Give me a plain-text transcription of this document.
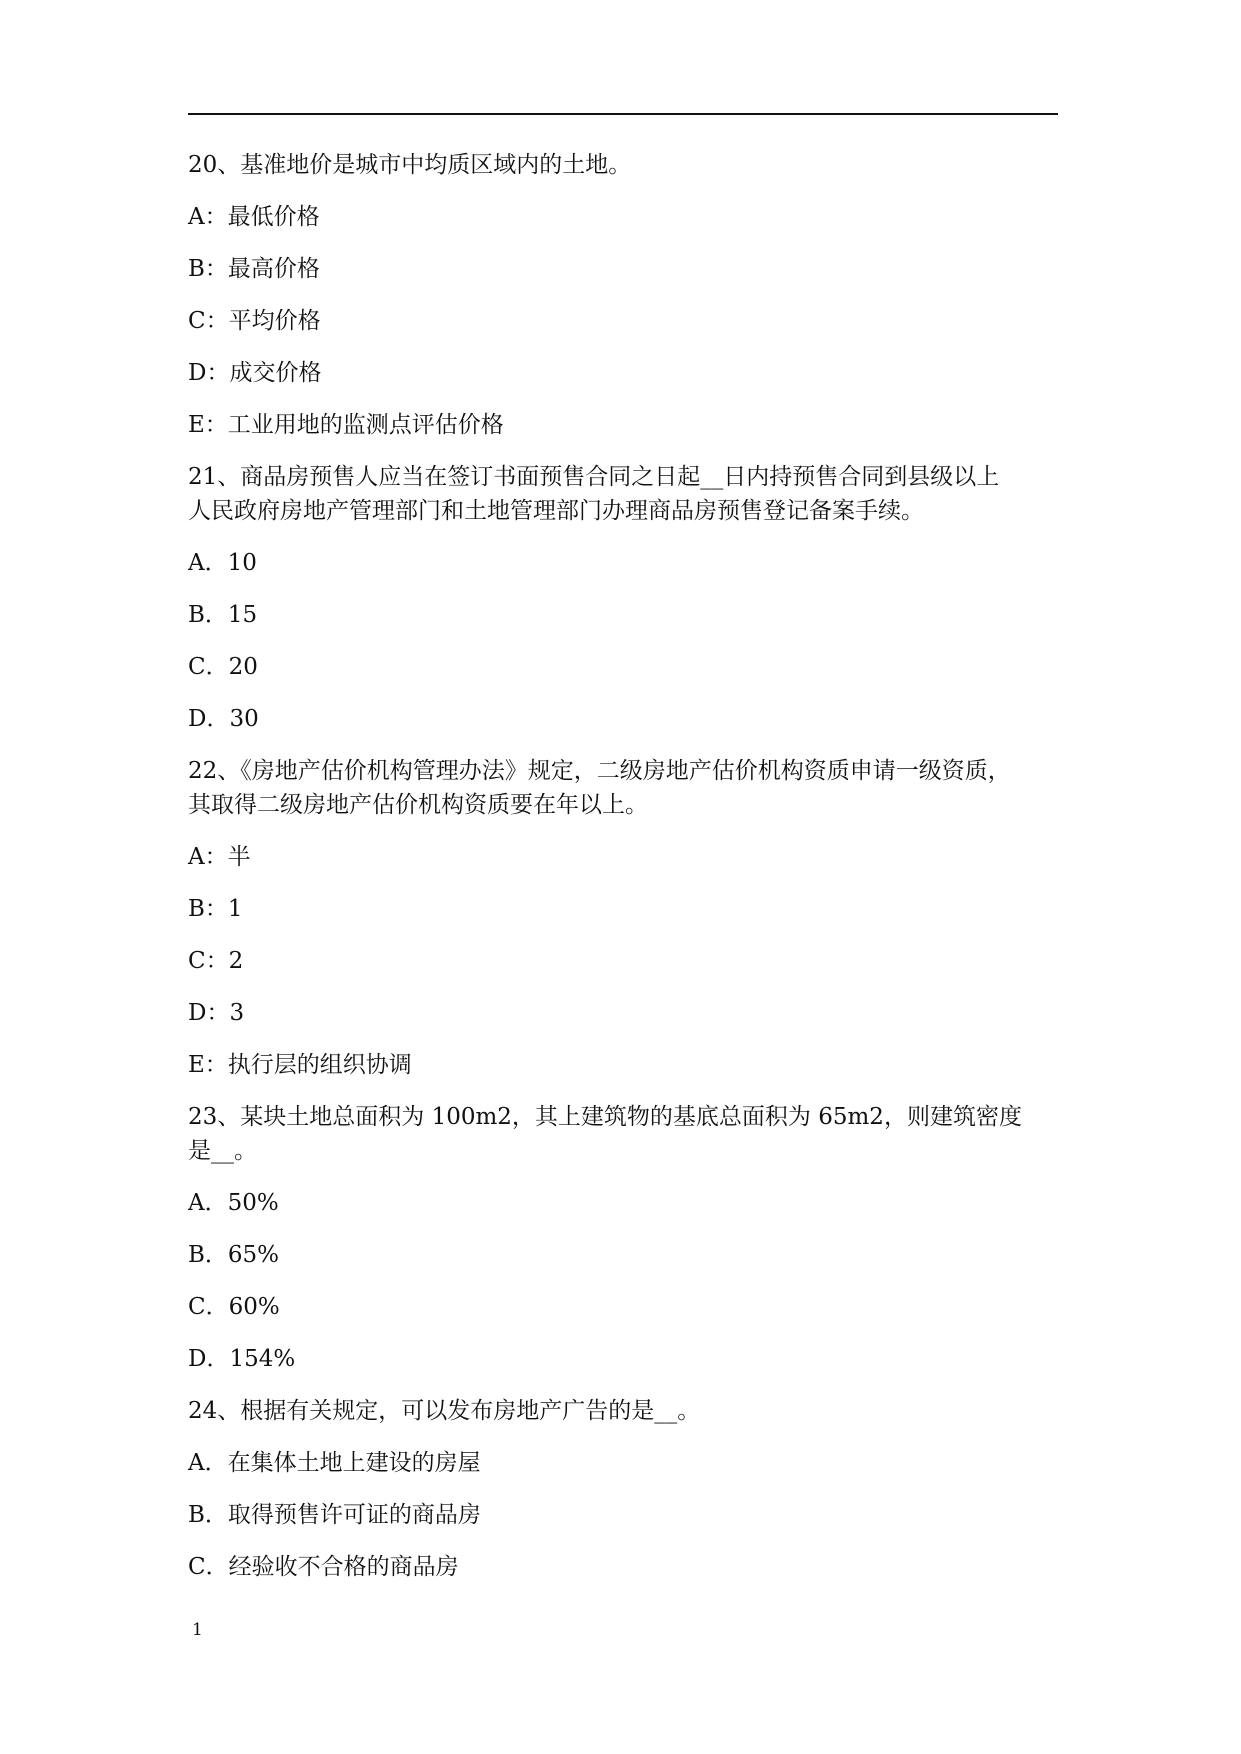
20、基准地价是城市中均质区域内的土地。
A：最低价格
B：最高价格
C：平均价格
D：成交价格
E：工业用地的监测点评估价格
21、商品房预售人应当在签订书面预售合同之日起__日内持预售合同到县级以上
人民政府房地产管理部门和土地管理部门办理商品房预售登记备案手续。
A．10
B．15
C．20
D．30
22、《房地产估价机构管理办法》规定，二级房地产估价机构资质申请一级资质，
其取得二级房地产估价机构资质要在年以上。
A：半
B：1
C：2
D：3
E：执行层的组织协调
23、某块土地总面积为 100m2，其上建筑物的基底总面积为 65m2，则建筑密度
是__。
A．50%
B．65%
C．60%
D．154%
24、根据有关规定，可以发布房地产广告的是__。
A．在集体土地上建设的房屋
B．取得预售许可证的商品房
C．经验收不合格的商品房
1
